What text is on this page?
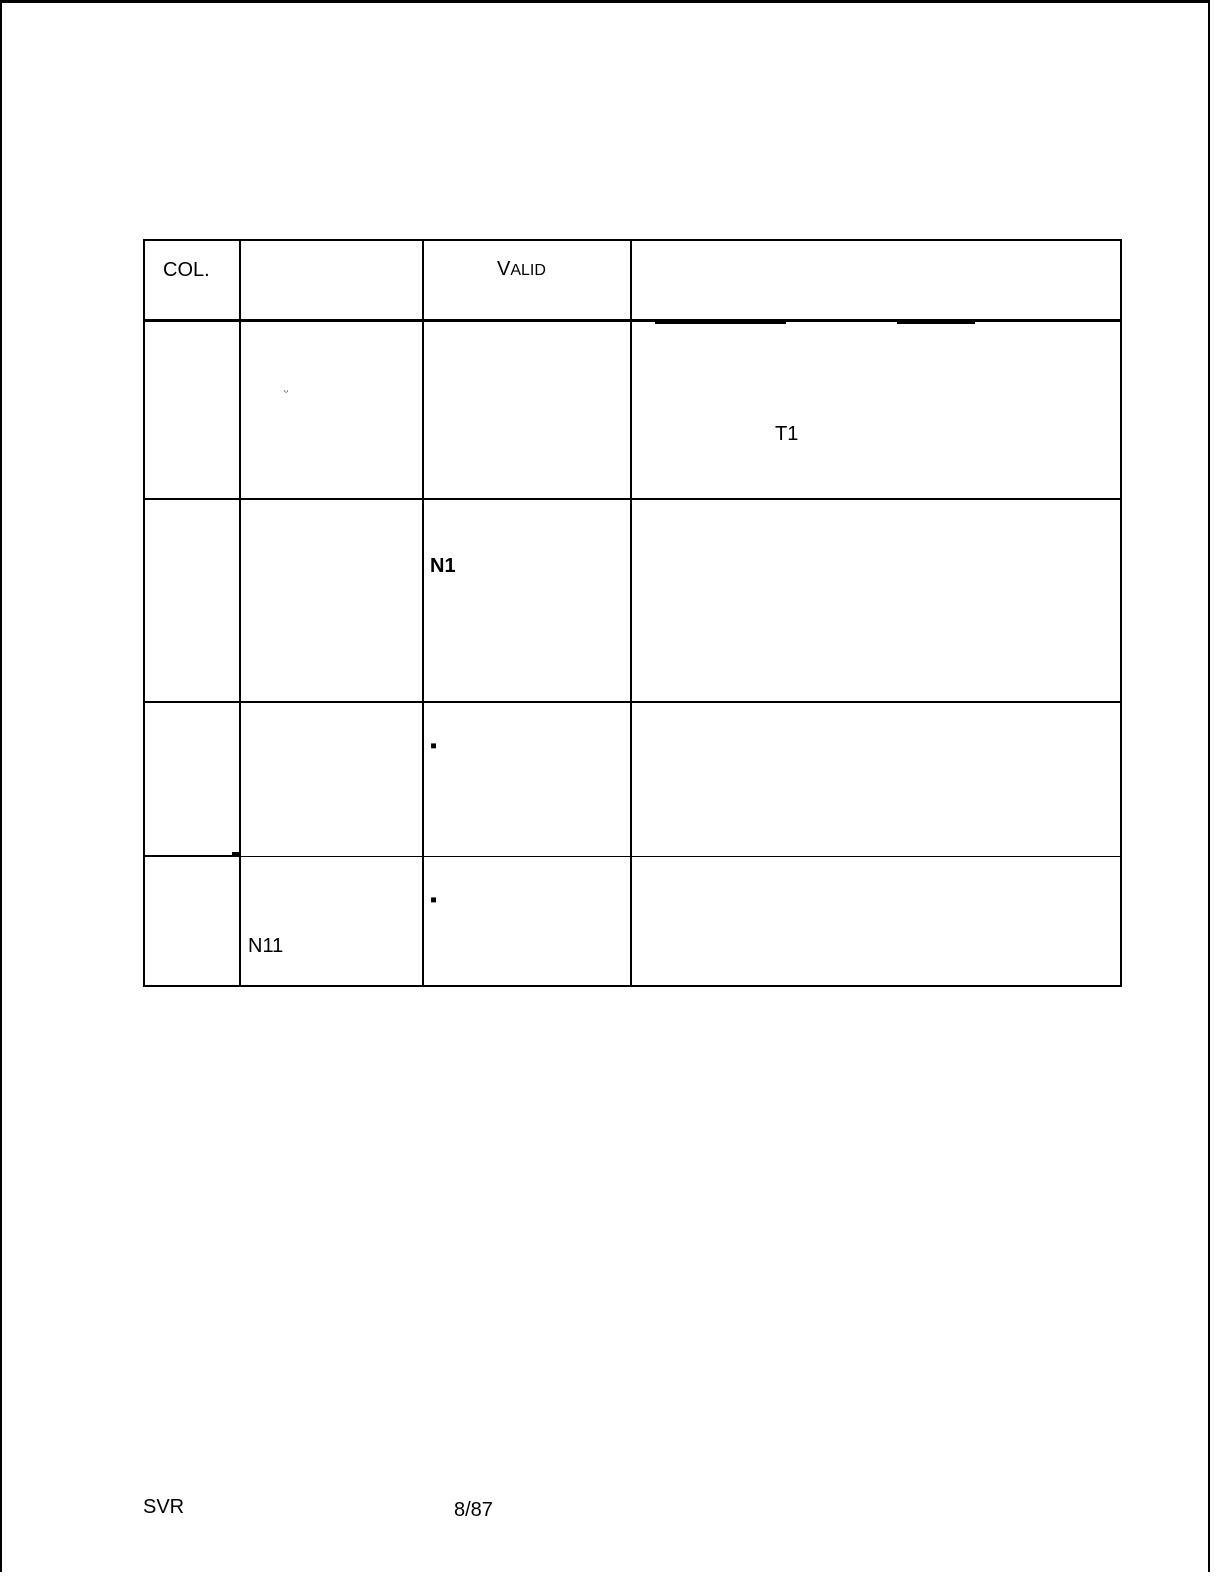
COL.	VALID
ᵕ
T1
N1
▪
▪
N11
SVR	8/87
